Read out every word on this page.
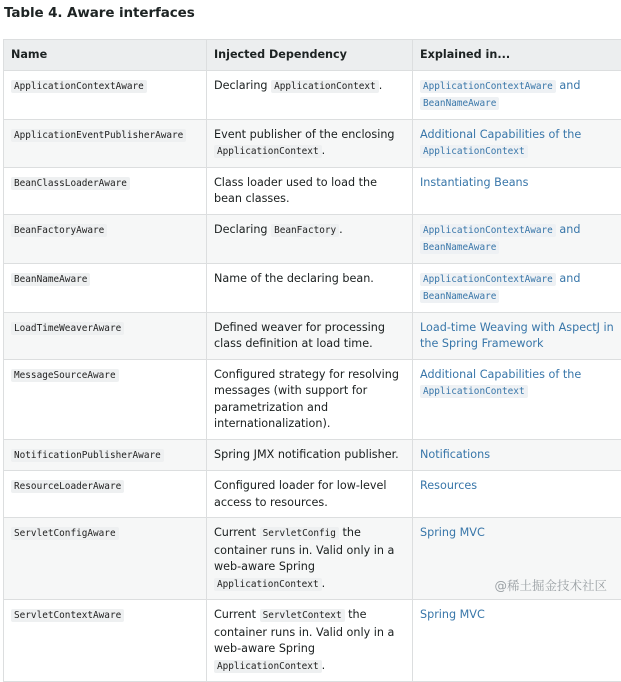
Table 4. Aware interfaces
Name	Injected Dependency	Explained in...
ApplicationContextAware	Declaring ApplicationContext .	ApplicationContextAware and BeanNameAware
ApplicationEventPublisherAware	Event publisher of the enclosing ApplicationContext .	Additional Capabilities of the ApplicationContext
BeanClassLoaderAware	Class loader used to load the bean classes.	Instantiating Beans
BeanFactoryAware	Declaring BeanFactory .	ApplicationContextAware and BeanNameAware
BeanNameAware	Name of the declaring bean.	ApplicationContextAware and BeanNameAware
LoadTimeWeaverAware	Defined weaver for processing class definition at load time.	Load-time Weaving with AspectJ in the Spring Framework
MessageSourceAware	Configured strategy for resolving messages (with support for parametrization and internationalization).	Additional Capabilities of the ApplicationContext
NotificationPublisherAware	Spring JMX notification publisher.	Notifications
ResourceLoaderAware	Configured loader for low-level access to resources.	Resources
ServletConfigAware	Current ServletConfig the container runs in. Valid only in a web-aware Spring ApplicationContext .	Spring MVC
ServletContextAware	Current ServletContext the container runs in. Valid only in a web-aware Spring ApplicationContext .	Spring MVC
@稀土掘金技术社区
